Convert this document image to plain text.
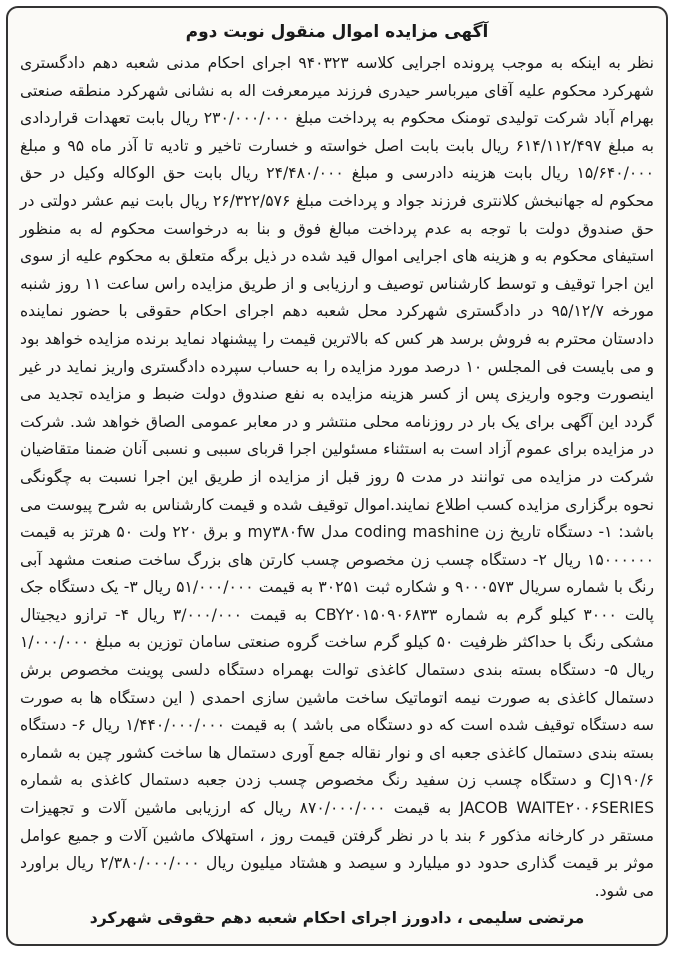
آگهی مزایده اموال منقول نوبت دوم

نظر به اینکه به موجب پرونده اجرایی کلاسه ۹۴۰۳۲۳ اجرای احکام مدنی شعبه دهم دادگستری شهرکرد محکوم علیه آقای میرباسر حیدری فرزند میرمعرفت اله به نشانی شهرکرد منطقه صنعتی بهرام آباد شرکت تولیدی تومنک محکوم به پرداخت مبلغ ۲۳۰/۰۰۰/۰۰۰ ریال بابت تعهدات قراردادی به مبلغ ۶۱۴/۱۱۲/۴۹۷ ریال بابت بابت اصل خواسته و خسارت تاخیر و تادیه تا آذر ماه ۹۵ و مبلغ ۱۵/۶۴۰/۰۰۰ ریال بابت هزینه دادرسی و مبلغ ۲۴/۴۸۰/۰۰۰ ریال بابت حق الوکاله وکیل در حق محکوم له جهانبخش کلانتری فرزند جواد و پرداخت مبلغ ۲۶/۳۲۲/۵۷۶ ریال بابت نیم عشر دولتی در حق صندوق دولت با توجه به عدم پرداخت مبالغ فوق و بنا به درخواست محکوم له به منظور استیفای محکوم به و هزینه های اجرایی اموال قید شده در ذیل برگه متعلق به محکوم علیه از سوی این اجرا توقیف و توسط کارشناس توصیف و ارزیابی و از طریق مزایده راس ساعت ۱۱ روز شنبه مورخه ۹۵/۱۲/۷ در دادگستری شهرکرد محل شعبه دهم اجرای احکام حقوقی با حضور نماینده دادستان محترم به فروش برسد هر کس که بالاترین قیمت را پیشنهاد نماید برنده مزایده خواهد بود و می بایست فی المجلس ۱۰ درصد مورد مزایده را به حساب سپرده دادگستری واریز نماید در غیر اینصورت وجوه واریزی پس از کسر هزینه مزایده به نفع صندوق دولت ضبط و مزایده تجدید می گردد این آگهی برای یک بار در روزنامه محلی منتشر و در معابر عمومی الصاق خواهد شد. شرکت در مزایده برای عموم آزاد است به استثناء مسئولین اجرا قربای سببی و نسبی آنان ضمنا متقاضیان شرکت در مزایده می توانند در مدت ۵ روز قبل از مزایده از طریق این اجرا نسبت به چگونگی نحوه برگزاری مزایده کسب اطلاع نمایند.اموال توقیف شده و قیمت کارشناس به شرح پیوست می باشد: ۱- دستگاه تاریخ زن coding mashine مدل my۳۸۰fw و برق ۲۲۰ ولت ۵۰ هرتز به قیمت ۱۵۰۰۰۰۰۰ ریال ۲- دستگاه چسب زن مخصوص چسب کارتن های بزرگ ساخت صنعت مشهد آبی رنگ با شماره سریال ۹۰۰۰۵۷۳ و شکاره ثبت ۳۰۲۵۱ به قیمت ۵۱/۰۰۰/۰۰۰ ریال ۳- یک دستگاه جک پالت ۳۰۰۰ کیلو گرم به شماره CBY۲۰۱۵۰۹۰۶۸۳۳ به قیمت ۳/۰۰۰/۰۰۰ ریال ۴- ترازو دیجیتال مشکی رنگ با حداکثر ظرفیت ۵۰ کیلو گرم ساخت گروه صنعتی سامان توزین به مبلغ ۱/۰۰۰/۰۰۰ ریال ۵- دستگاه بسته بندی دستمال کاغذی توالت بهمراه دستگاه دلسی پوینت مخصوص برش دستمال کاغذی به صورت نیمه اتوماتیک ساخت ماشین سازی احمدی ( این دستگاه ها به صورت سه دستگاه توقیف شده است که دو دستگاه می باشد ) به قیمت ۱/۴۴۰/۰۰۰/۰۰۰ ریال ۶- دستگاه بسته بندی دستمال کاغذی جعبه ای و نوار نقاله جمع آوری دستمال ها ساخت کشور چین به شماره CJ۱۹۰/۶ و دستگاه چسب زن سفید رنگ مخصوص چسب زدن جعبه دستمال کاغذی به شماره JACOB WAITE۲۰۰۶SERIES به قیمت ۸۷۰/۰۰۰/۰۰۰ ریال که ارزیابی ماشین آلات و تجهیزات مستقر در کارخانه مذکور ۶ بند با در نظر گرفتن قیمت روز ، استهلاک ماشین آلات و جمیع عوامل موثر بر قیمت گذاری حدود دو میلیارد و سیصد و هشتاد میلیون ریال ۲/۳۸۰/۰۰۰/۰۰۰ ریال براورد می شود.

مرتضی سلیمی ، دادورز اجرای احکام شعبه دهم حقوقی شهرکرد
